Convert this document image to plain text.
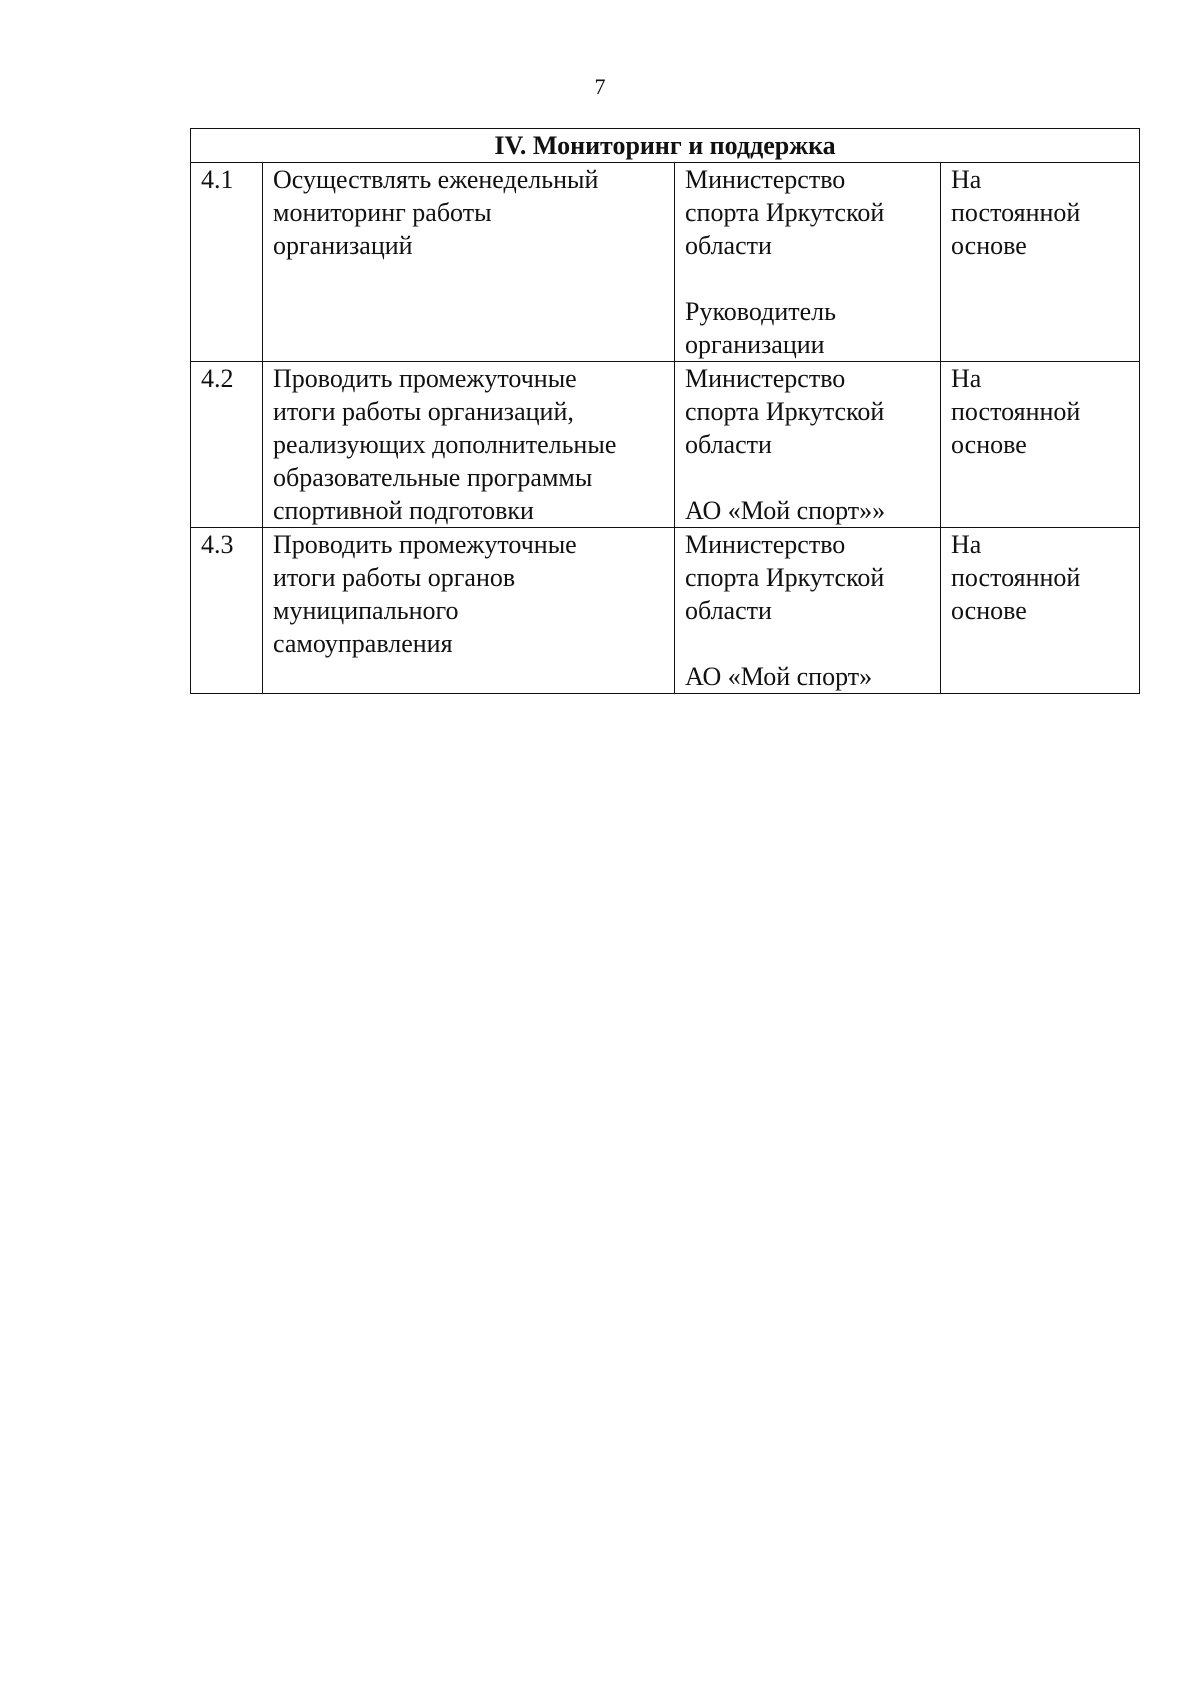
7
IV. Мониторинг и поддержка			
4.1	Осуществлять еженедельный
мониторинг работы
организаций	Министерство
спорта Иркутской
области
Руководитель
организации	На
постоянной
основе

4.2	Проводить промежуточные
итоги работы организаций,
реализующих дополнительные
образовательные программы
спортивной подготовки	Министерство
спорта Иркутской
области
АО «Мой спорт»»	На
постоянной
основе

4.3	Проводить промежуточные
итоги работы органов
муниципального
самоуправления	Министерство
спорта Иркутской
области
АО «Мой спорт»	На
постоянной
основе
